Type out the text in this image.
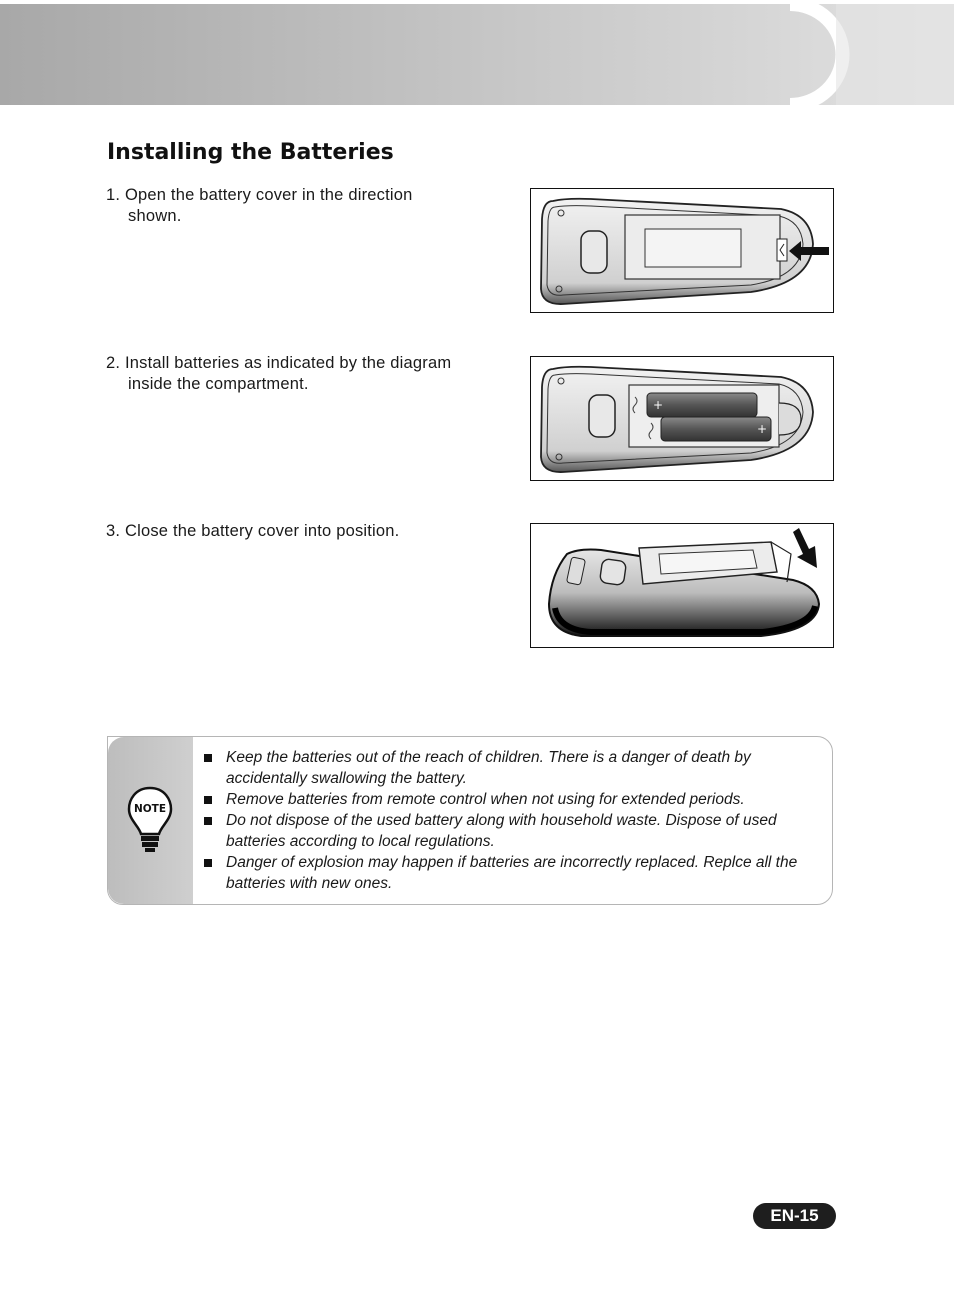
Installing the Batteries
1. Open the battery cover in the direction
shown.
2. Install batteries as indicated by the diagram
inside the compartment.
3. Close the battery cover into position.
+
+
NOTE
Keep the batteries out of the reach of children. There is a danger of death by accidentally swallowing the battery.
Remove batteries from remote control when not using for extended periods.
Do not dispose of the used battery along with household waste. Dispose of used batteries according to local regulations.
Danger of explosion may happen if batteries are incorrectly replaced. Replce all the batteries with new ones.
EN-15
